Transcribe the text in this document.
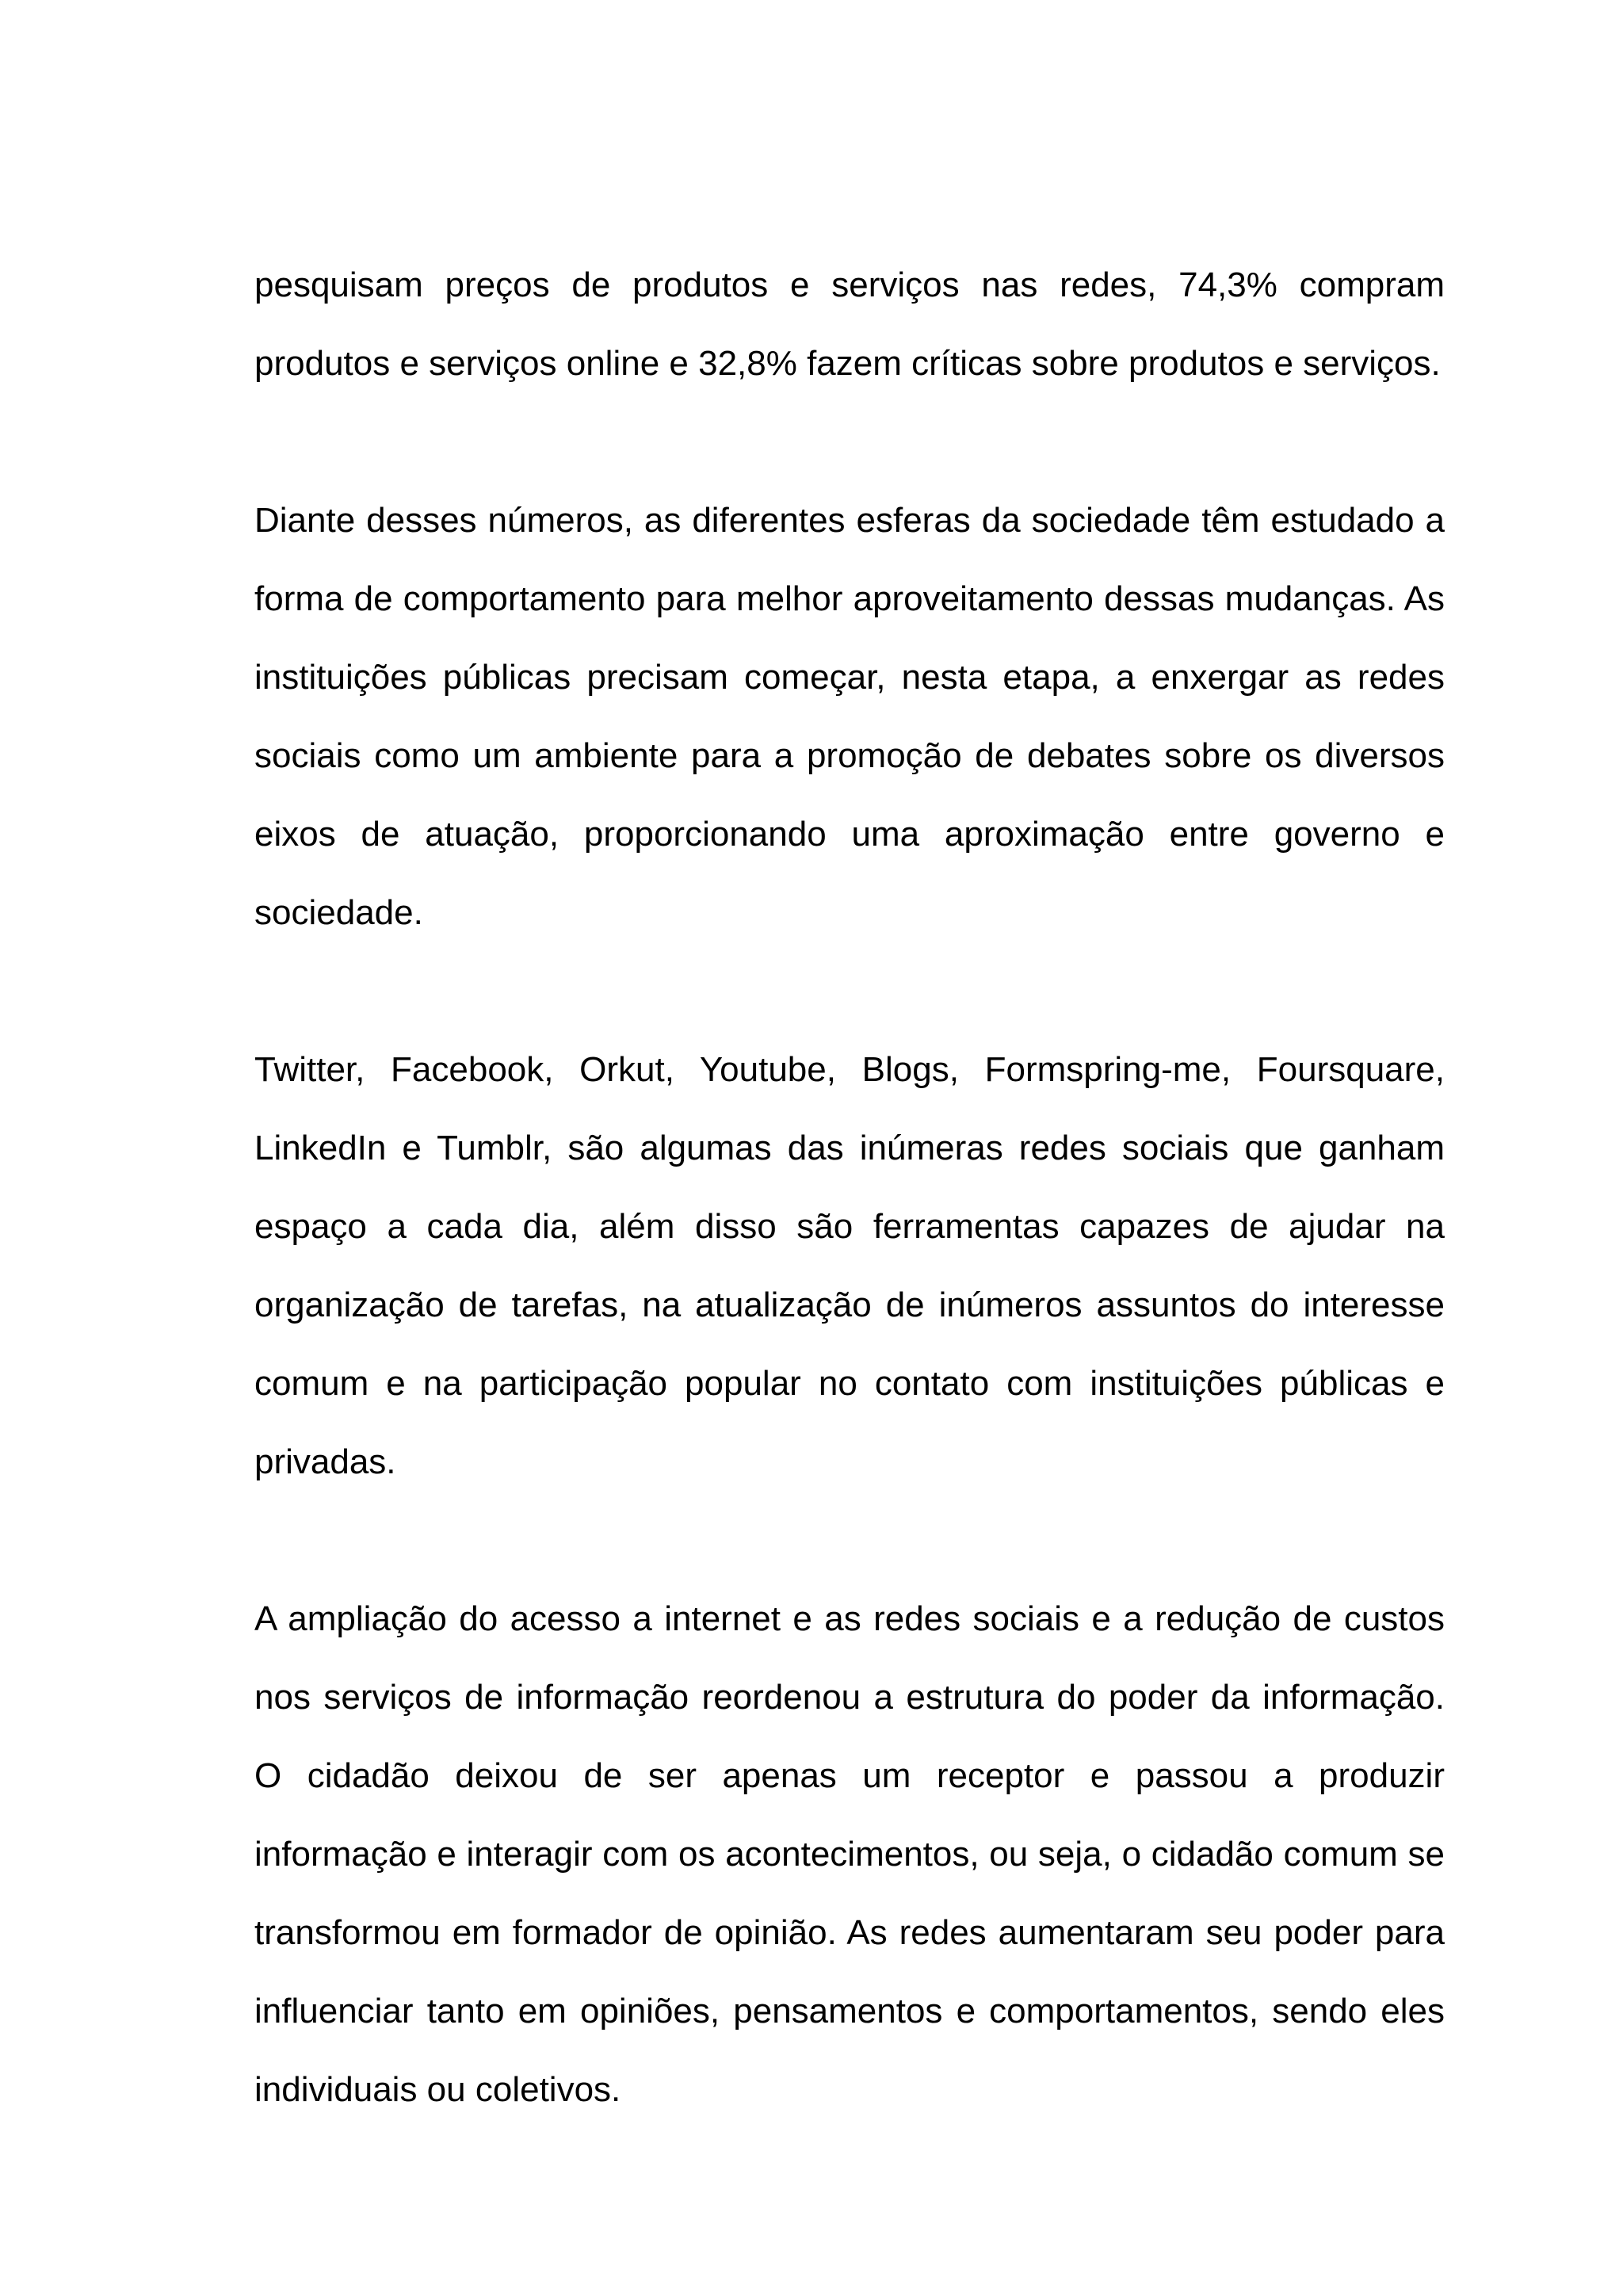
pesquisam preços de produtos e serviços nas redes, 74,3% compram produtos e serviços online e 32,8% fazem críticas sobre produtos e serviços.

Diante desses números, as diferentes esferas da sociedade têm estudado a forma de comportamento para melhor aproveitamento dessas mudanças. As instituições públicas precisam começar, nesta etapa, a enxergar as redes sociais como um ambiente para a promoção de debates sobre os diversos eixos de atuação, proporcionando uma aproximação entre governo e sociedade.

Twitter, Facebook, Orkut, Youtube, Blogs, Formspring-me, Foursquare, LinkedIn e Tumblr, são algumas das inúmeras redes sociais que ganham espaço a cada dia, além disso são ferramentas capazes de ajudar na organização de tarefas, na atualização de inúmeros assuntos do interesse comum e na participação popular no contato com instituições públicas e privadas.

A ampliação do acesso a internet e as redes sociais e a redução de custos nos serviços de informação reordenou a estrutura do poder da informação. O cidadão deixou de ser apenas um receptor e passou a produzir informação e interagir com os acontecimentos, ou seja, o cidadão comum se transformou em formador de opinião. As redes aumentaram seu poder para influenciar tanto em opiniões, pensamentos e comportamentos, sendo eles individuais ou coletivos.
